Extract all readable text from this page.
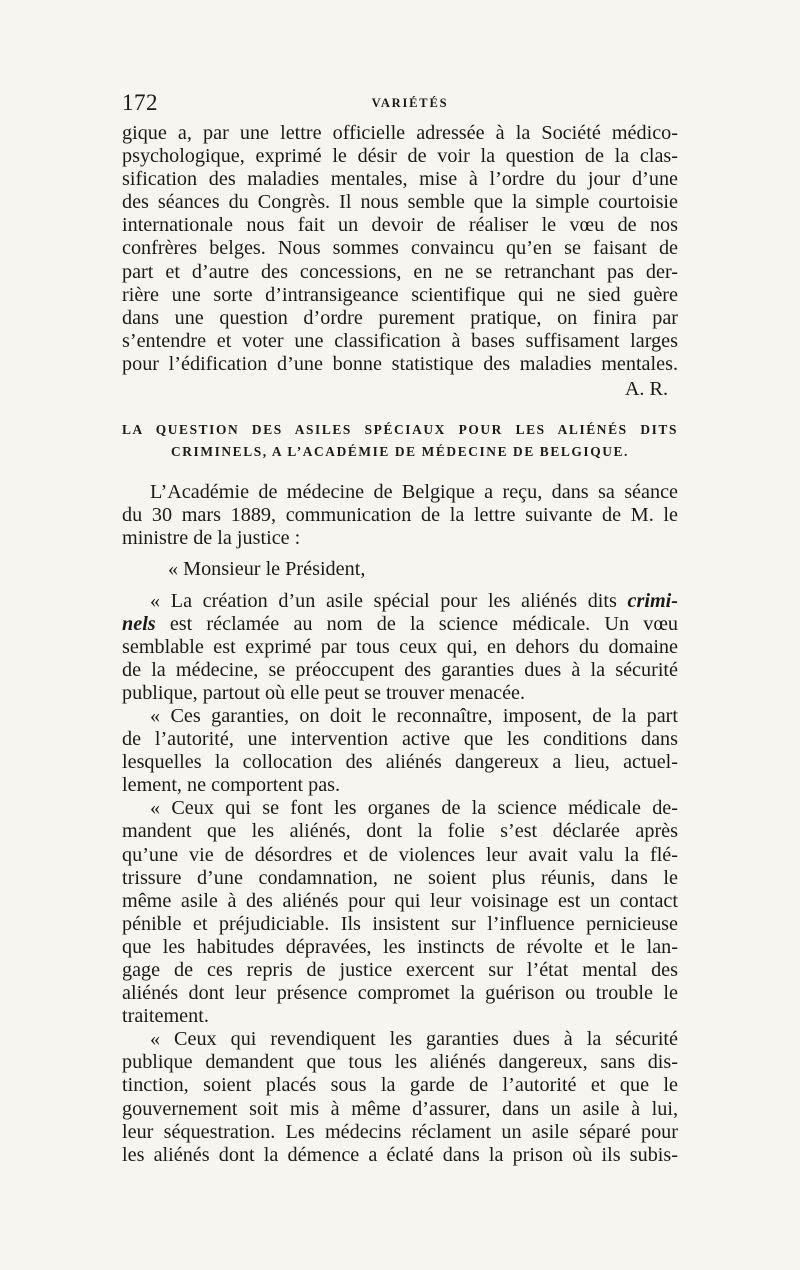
172	VARIÉTÉS
gique a, par une lettre officielle adressée à la Société médico-
psychologique, exprimé le désir de voir la question de la clas-
sification des maladies mentales, mise à l’ordre du jour d’une
des séances du Congrès. Il nous semble que la simple courtoisie
internationale nous fait un devoir de réaliser le vœu de nos
confrères belges. Nous sommes convaincu qu’en se faisant de
part et d’autre des concessions, en ne se retranchant pas der-
rière une sorte d’intransigeance scientifique qui ne sied guère
dans une question d’ordre purement pratique, on finira par
s’entendre et voter une classification à bases suffisament larges
pour l’édification d’une bonne statistique des maladies mentales.
A. R.
LA QUESTION DES ASILES SPÉCIAUX POUR LES ALIÉNÉS DITS
CRIMINELS, A L’ACADÉMIE DE MÉDECINE DE BELGIQUE.
L’Académie de médecine de Belgique a reçu, dans sa séance
du 30 mars 1889, communication de la lettre suivante de M. le
ministre de la justice :
« Monsieur le Président,
« La création d’un asile spécial pour les aliénés dits crimi-
nels est réclamée au nom de la science médicale. Un vœu
semblable est exprimé par tous ceux qui, en dehors du domaine
de la médecine, se préoccupent des garanties dues à la sécurité
publique, partout où elle peut se trouver menacée.
« Ces garanties, on doit le reconnaître, imposent, de la part
de l’autorité, une intervention active que les conditions dans
lesquelles la collocation des aliénés dangereux a lieu, actuel-
lement, ne comportent pas.
« Ceux qui se font les organes de la science médicale de-
mandent que les aliénés, dont la folie s’est déclarée après
qu’une vie de désordres et de violences leur avait valu la flé-
trissure d’une condamnation, ne soient plus réunis, dans le
même asile à des aliénés pour qui leur voisinage est un contact
pénible et préjudiciable. Ils insistent sur l’influence pernicieuse
que les habitudes dépravées, les instincts de révolte et le lan-
gage de ces repris de justice exercent sur l’état mental des
aliénés dont leur présence compromet la guérison ou trouble le
traitement.
« Ceux qui revendiquent les garanties dues à la sécurité
publique demandent que tous les aliénés dangereux, sans dis-
tinction, soient placés sous la garde de l’autorité et que le
gouvernement soit mis à même d’assurer, dans un asile à lui,
leur séquestration. Les médecins réclament un asile séparé pour
les aliénés dont la démence a éclaté dans la prison où ils subis-
